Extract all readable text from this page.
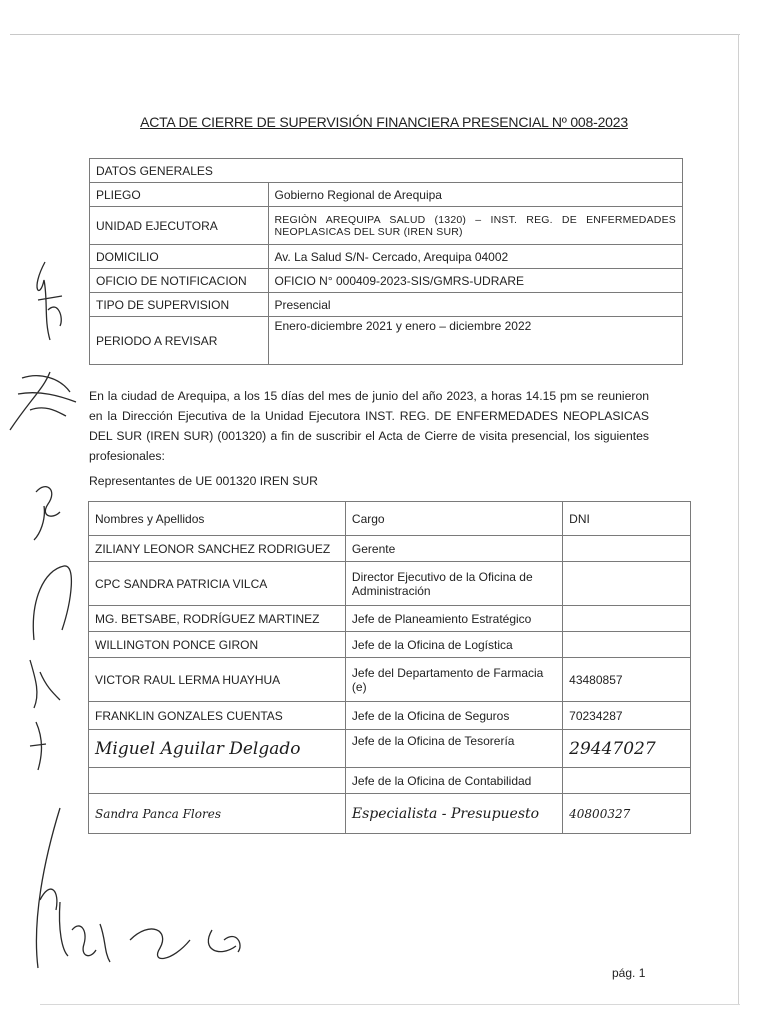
ACTA DE CIERRE DE SUPERVISIÓN FINANCIERA PRESENCIAL Nº 008-2023
DATOS GENERALES	
PLIEGO	Gobierno Regional de Arequipa
UNIDAD EJECUTORA	REGIÒN AREQUIPA SALUD (1320) – INST. REG. DE ENFERMEDADES NEOPLASICAS DEL SUR (IREN SUR)
DOMICILIO	Av. La Salud S/N- Cercado, Arequipa 04002
OFICIO DE NOTIFICACION	OFICIO N° 000409-2023-SIS/GMRS-UDRARE
TIPO DE SUPERVISION	Presencial
PERIODO A REVISAR	Enero-diciembre 2021 y enero – diciembre 2022
En la ciudad de Arequipa, a los 15 días del mes de junio del año 2023, a horas 14.15 pm se reunieron en la Dirección Ejecutiva de la Unidad Ejecutora INST. REG. DE ENFERMEDADES NEOPLASICAS DEL SUR (IREN SUR) (001320) a fin de suscribir el Acta de Cierre de visita presencial, los siguientes profesionales:
Representantes de UE 001320 IREN SUR
Nombres y Apellidos	Cargo	DNI
ZILIANY LEONOR SANCHEZ RODRIGUEZ	Gerente	
CPC SANDRA PATRICIA VILCA	Director Ejecutivo de la Oficina de Administración	
MG. BETSABE, RODRÍGUEZ MARTINEZ	Jefe de Planeamiento Estratégico	
WILLINGTON PONCE GIRON	Jefe de la Oficina de Logística	
VICTOR RAUL LERMA HUAYHUA	Jefe del Departamento de Farmacia (e)	43480857
FRANKLIN GONZALES CUENTAS	Jefe de la Oficina de Seguros	70234287
Miguel Aguilar Delgado	Jefe de la Oficina de Tesorería	29447027
	Jefe de la Oficina de Contabilidad	
Sandra Panca Flores	Especialista - Presupuesto	40800327
pág. 1
